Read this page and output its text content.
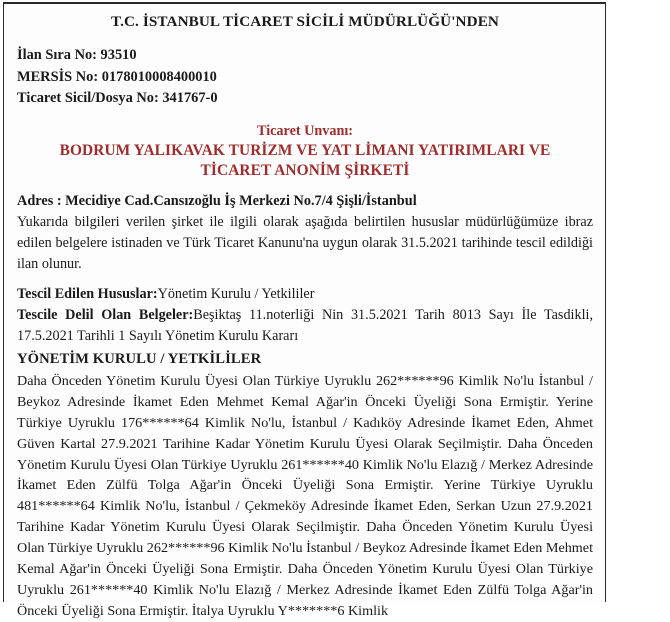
T.C. İSTANBUL TİCARET SİCİLİ MÜDÜRLÜĞÜ'NDEN
İlan Sıra No: 93510
MERSİS No: 0178010008400010
Ticaret Sicil/Dosya No: 341767-0
Ticaret Unvanı:
BODRUM YALIKAVAK TURİZM VE YAT LİMANI YATIRIMLARI VE TİCARET ANONİM ŞİRKETİ
Adres : Mecidiye Cad.Cansızoğlu İş Merkezi No.7/4 Şişli/İstanbul

Yukarıda bilgileri verilen şirket ile ilgili olarak aşağıda belirtilen hususlar müdürlüğümüze ibraz edilen belgelere istinaden ve Türk Ticaret Kanunu'na uygun olarak 31.5.2021 tarihinde tescil edildiği ilan olunur.

Tescil Edilen Hususlar:Yönetim Kurulu / Yetkililer

Tescile Delil Olan Belgeler:Beşiktaş 11.noterliği Nin 31.5.2021 Tarih 8013 Sayı İle Tasdikli, 17.5.2021 Tarihli 1 Sayılı Yönetim Kurulu Kararı

YÖNETİM KURULU / YETKİLİLER

Daha Önceden Yönetim Kurulu Üyesi Olan Türkiye Uyruklu 262******96 Kimlik No'lu İstanbul / Beykoz Adresinde İkamet Eden Mehmet Kemal Ağar'in Önceki Üyeliği Sona Ermiştir. Yerine Türkiye Uyruklu 176******64 Kimlik No'lu, İstanbul / Kadıköy Adresinde İkamet Eden, Ahmet Güven Kartal 27.9.2021 Tarihine Kadar Yönetim Kurulu Üyesi Olarak Seçilmiştir. Daha Önceden Yönetim Kurulu Üyesi Olan Türkiye Uyruklu 261******40 Kimlik No'lu Elazığ / Merkez Adresinde İkamet Eden Zülfü Tolga Ağar'in Önceki Üyeliği Sona Ermiştir. Yerine Türkiye Uyruklu 481******64 Kimlik No'lu, İstanbul / Çekmeköy Adresinde İkamet Eden, Serkan Uzun 27.9.2021 Tarihine Kadar Yönetim Kurulu Üyesi Olarak Seçilmiştir. Daha Önceden Yönetim Kurulu Üyesi Olan Türkiye Uyruklu 262******96 Kimlik No'lu İstanbul / Beykoz Adresinde İkamet Eden Mehmet Kemal Ağar'in Önceki Üyeliği Sona Ermiştir. Daha Önceden Yönetim Kurulu Üyesi Olan Türkiye Uyruklu 261******40 Kimlik No'lu Elazığ / Merkez Adresinde İkamet Eden Zülfü Tolga Ağar'in Önceki Üyeliği Sona Ermiştir. İtalya Uyruklu Y*******6 Kimlik
